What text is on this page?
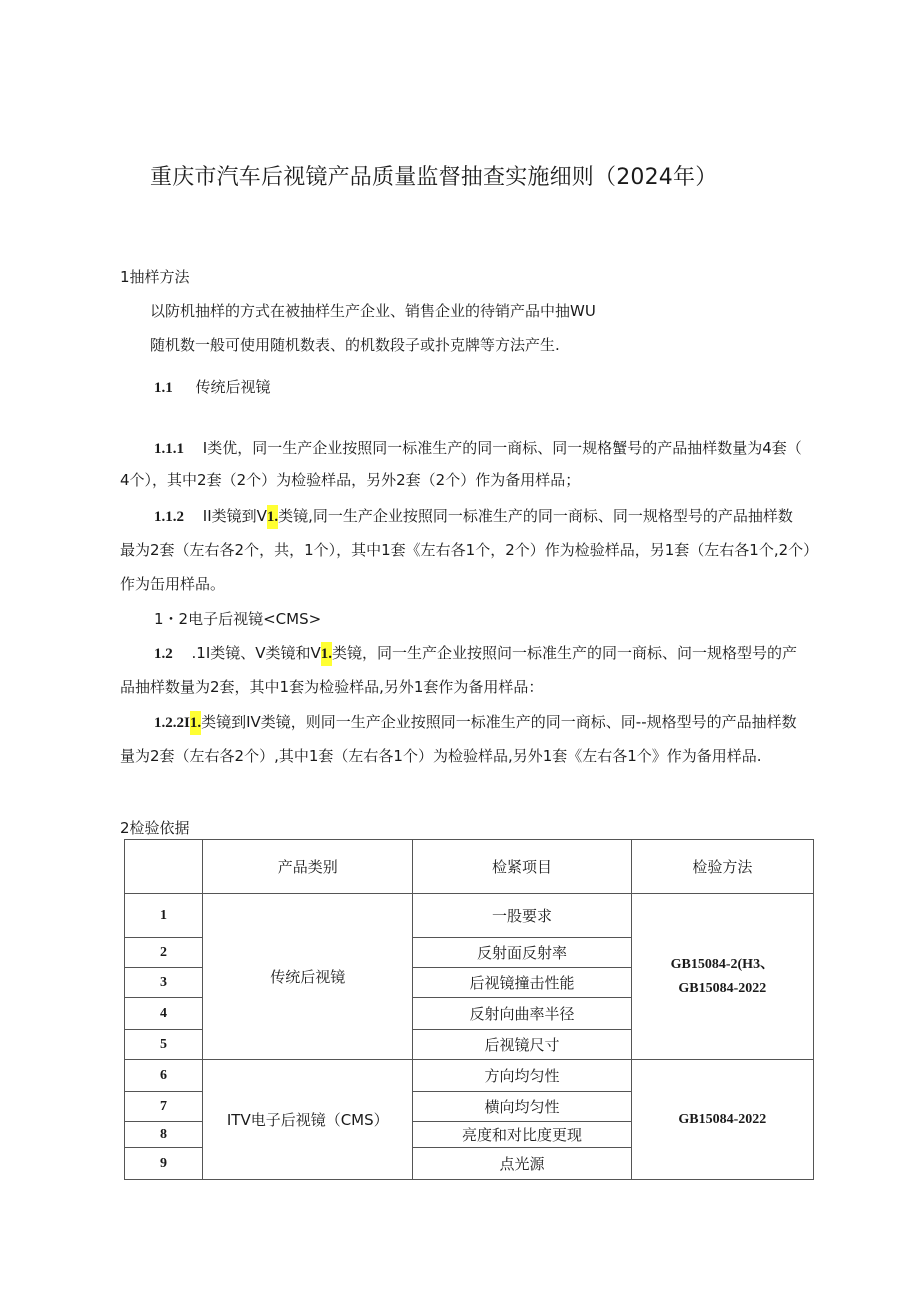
重庆市汽车后视镜产品质量监督抽查实施细则（2024年）
1抽样方法
以防机抽样的方式在被抽样生产企业、销售企业的待销产品中抽WU
随机数一般可使用随机数表、的机数段子或扑克牌等方法产生.
1.1 传统后视镜
1.1.1 I类优，同一生产企业按照同一标准生产的同一商标、同一规格蟹号的产品抽样数量为4套（
4个），其中2套（2个）为检验样品，另外2套（2个）作为备用样品；
1.1.2 II类镜到V1.类镜,同一生产企业按照同一标准生产的同一商标、同一规格型号的产品抽样数
最为2套（左右各2个，共，1个），其中1套《左右各1个，2个）作为检验样品，另1套（左右各1个,2个）
作为缶用样品。
1・2电子后视镜<CMS>
1.2 .1I类镜、V类镜和V1.类镜，同一生产企业按照问一标准生产的同一商标、问一规格型号的产
品抽样数量为2套，其中1套为检验样品,另外1套作为备用样品：
1.2.2I1.类镜到IV类镜，则同一生产企业按照同一标准生产的同一商标、同--规格型号的产品抽样数
量为2套（左右各2个）,其中1套（左右各1个）为检验样品,另外1套《左右各1个》作为备用样品.
2检验依据
	产品类别	检紧项目	检验方法
1	传统后视镜	一股要求	GB15084-2(H3、
GB15084-2022

2		反射面反射率	
3		后视镜撞击性能	
4		反射向曲率半径	
5		后视镜尺寸	
6	ITV电子后视镜（CMS）	方向均匀性	GB15084-2022
7		横向均匀性	
8		亮度和对比度更现	
9		点光源	
